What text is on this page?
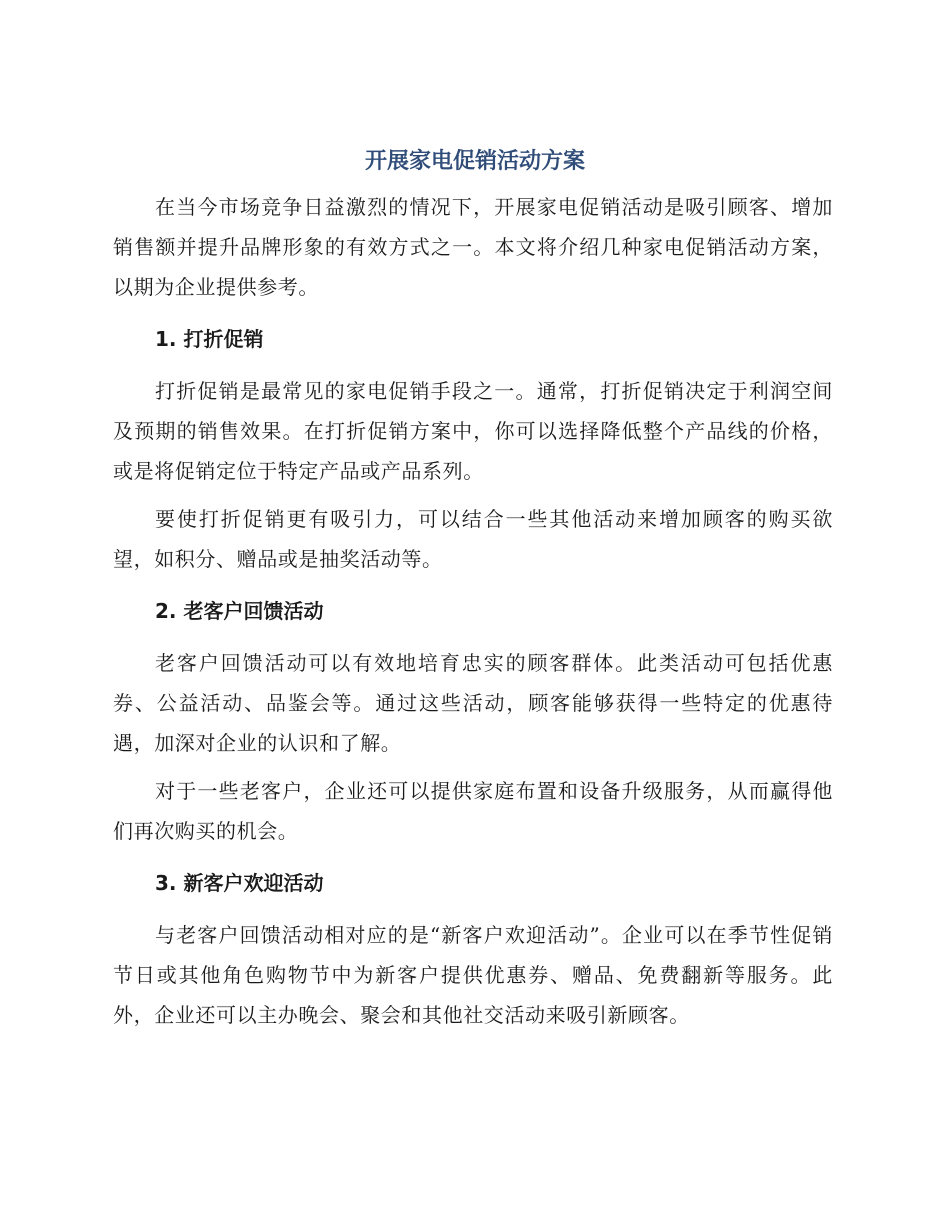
开展家电促销活动方案

在当今市场竞争日益激烈的情况下，开展家电促销活动是吸引顾客、增加销售额并提升品牌形象的有效方式之一。本文将介绍几种家电促销活动方案，以期为企业提供参考。

1. 打折促销

打折促销是最常见的家电促销手段之一。通常，打折促销决定于利润空间及预期的销售效果。在打折促销方案中，你可以选择降低整个产品线的价格，或是将促销定位于特定产品或产品系列。

要使打折促销更有吸引力，可以结合一些其他活动来增加顾客的购买欲望，如积分、赠品或是抽奖活动等。

2. 老客户回馈活动

老客户回馈活动可以有效地培育忠实的顾客群体。此类活动可包括优惠券、公益活动、品鉴会等。通过这些活动，顾客能够获得一些特定的优惠待遇，加深对企业的认识和了解。

对于一些老客户，企业还可以提供家庭布置和设备升级服务，从而赢得他们再次购买的机会。

3. 新客户欢迎活动

与老客户回馈活动相对应的是“新客户欢迎活动”。企业可以在季节性促销节日或其他角色购物节中为新客户提供优惠券、赠品、免费翻新等服务。此外，企业还可以主办晚会、聚会和其他社交活动来吸引新顾客。
